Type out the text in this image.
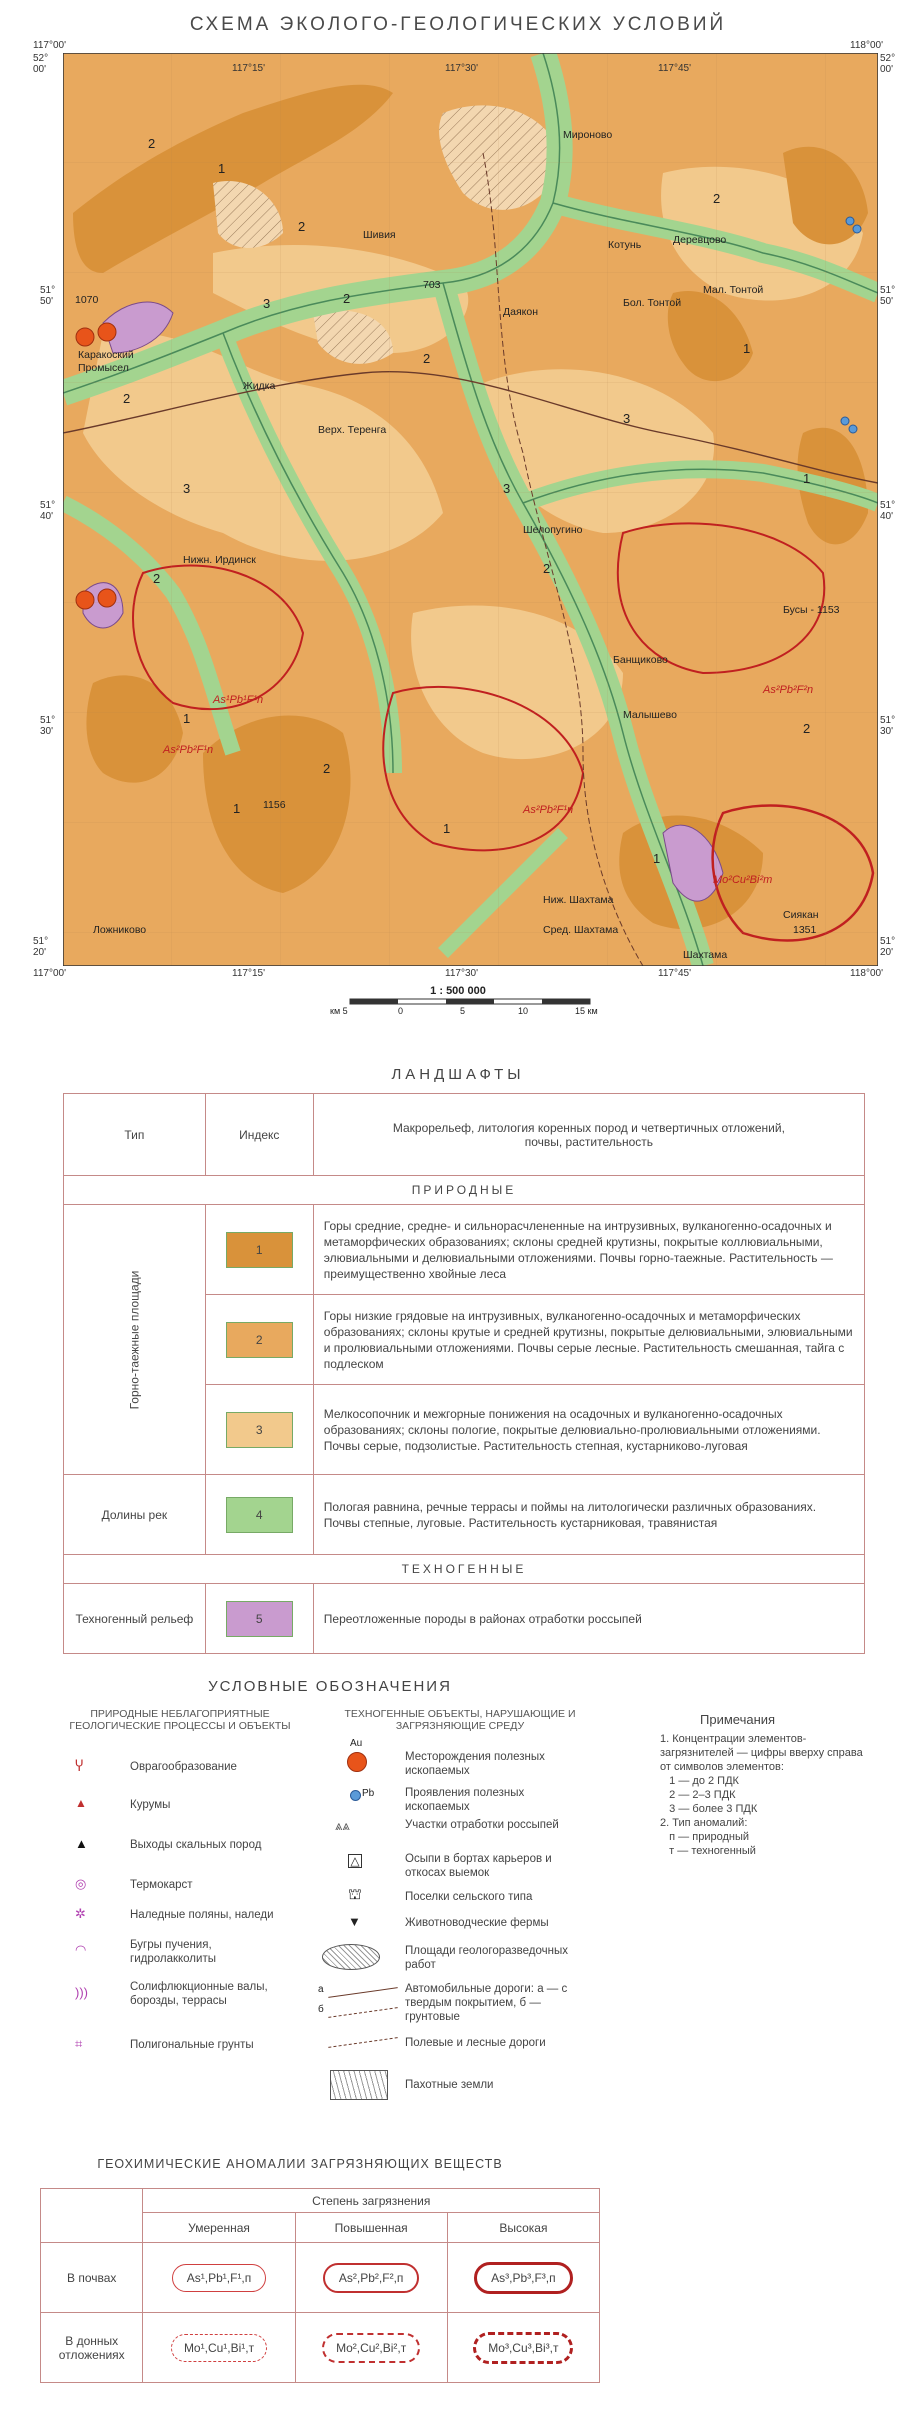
СХЕМА ЭКОЛОГО-ГЕОЛОГИЧЕСКИХ УСЛОВИЙ
2
1
2
3	2
2
2
3
2
3
3
2
1
1
2
1
1
1
1
2
2
Мироново
Шивия
Котунь	Деревцово
Мал. Тонтой
Бол. Тонтой
Даякон
Каракоский
Промысел
Жидка
Верх. Теренга
Шелопугино
Нижн. Ирдинск
Банщиково
Малышево
Ниж. Шахтама
Сред. Шахтама
Ложниково
Шахтама
Сиякан
Бусы - 1153
1070
703
1156
1351
As¹Pb¹F¹n
As²Pb²F¹n
As²Pb²F¹n
As²Pb²F²n
Mo²Cu²Bi²т
52°
00'
117°00'	118°00'
52°
00'
51°
20'
117°00'
51°
20'
118°00'
117°15'	117°30'	117°45'
117°15'	117°30'	117°45'
51°
50'
51°
40'
51°
30'
51°
50'
51°
40'
51°
30'
1 : 500 000
км 5	0	5	10	15 км
ЛАНДШАФТЫ
Тип	Индекс	Макрорельеф, литология коренных пород и четвертичных отложений, почвы, растительность
ПРИРОДНЫЕ		

Горно-таежные площади	1	Горы средние, средне- и сильнорасчлененные на интрузивных, вулканогенно-осадочных и метаморфических образованиях; склоны средней крутизны, покрытые коллювиальными, элювиальными и делювиальными отложениями. Почвы горно-таежные. Растительность — преимущественно хвойные леса

	2	Горы низкие грядовые на интрузивных, вулканогенно-осадочных и метаморфических образованиях; склоны крутые и средней крутизны, покрытые делювиальными, элювиальными и пролювиальными отложениями. Почвы серые лесные. Растительность смешанная, тайга с подлеском

	3	Мелкосопочник и межгорные понижения на осадочных и вулканогенно-осадочных образованиях; склоны пологие, покрытые делювиально-пролювиальными отложениями. Почвы серые, подзолистые. Растительность степная, кустарниково-луговая
Долины рек	4	Пологая равнина, речные террасы и поймы на литологически различных образованиях. Почвы степные, луговые. Растительность кустарниковая, травянистая
ТЕХНОГЕННЫЕ		
Техногенный рельеф	5	Переотложенные породы в районах отработки россыпей
УСЛОВНЫЕ ОБОЗНАЧЕНИЯ
ПРИРОДНЫЕ НЕБЛАГОПРИЯТНЫЕ ГЕОЛОГИЧЕСКИЕ ПРОЦЕССЫ И ОБЪЕКТЫ
ТЕХНОГЕННЫЕ ОБЪЕКТЫ, НАРУШАЮЩИЕ И ЗАГРЯЗНЯЮЩИЕ СРЕДУ
Ⴤ	Оврагообразование
▲	Курумы
▲	Выходы скальных пород
◎	Термокарст
✲	Наледные поляны, наледи
◠	Бугры пучения, гидролакколиты
)))	Солифлюкционные валы, борозды, террасы
⌗	Полигональные грунты
Au
Месторождения полезных ископаемых
Pb	Проявления полезных ископаемых
⩓⩓	Участки отработки россыпей
△	Осыпи в бортах карьеров и откосах выемок
⛫	Поселки сельского типа
▼	Животноводческие фермы
Площади геологоразведочных работ
а
б
Автомобильные дороги: а — с твердым покрытием, б — грунтовые
Полевые и лесные дороги
Пахотные земли
Примечания
1. Концентрации элементов-загрязнителей — цифры вверху справа от символов элементов:
1 — до 2 ПДК
2 — 2–3 ПДК
3 — более 3 ПДК
2. Тип аномалий:
п — природный
т — техногенный
ГЕОХИМИЧЕСКИЕ АНОМАЛИИ ЗАГРЯЗНЯЮЩИХ ВЕЩЕСТВ
	Степень загрязнения		
	Умеренная	Повышенная	Высокая
В почвах	As¹,Pb¹,F¹,п	As²,Pb²,F²,п	As³,Pb³,F³,п
В донных отложениях	Mo¹,Cu¹,Bi¹,т	Mo²,Cu²,Bi²,т	Mo³,Cu³,Bi³,т
